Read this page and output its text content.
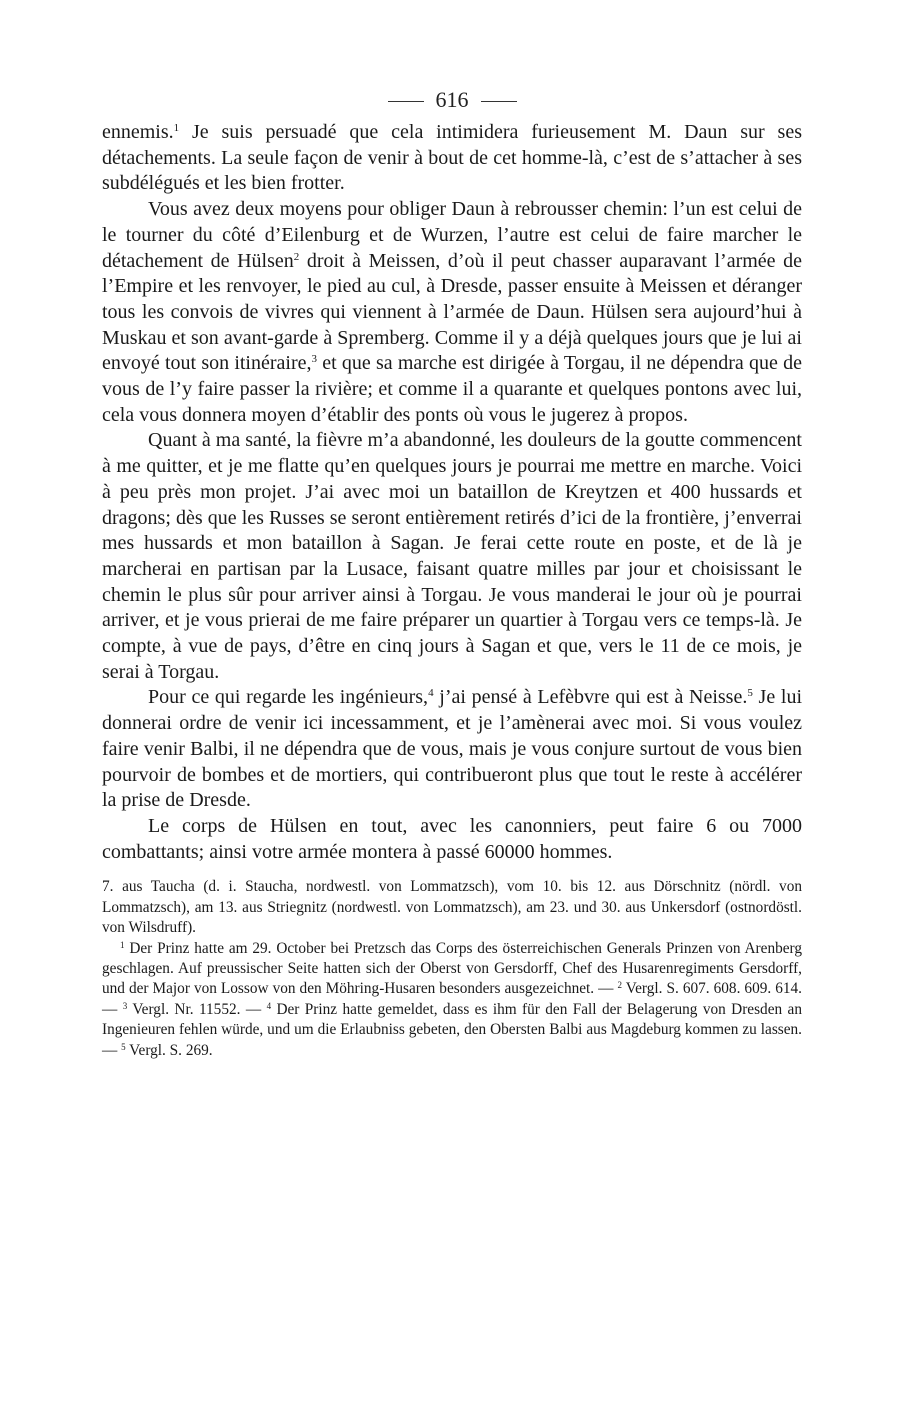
616

ennemis.$^1$ Je suis persuadé que cela intimidera furieusement M. Daun sur ses détachements. La seule façon de venir à bout de cet homme-là, c’est de s’attacher à ses subdélégués et les bien frotter.

Vous avez deux moyens pour obliger Daun à rebrousser chemin: l’un est celui de le tourner du côté d’Eilenburg et de Wurzen, l’autre est celui de faire marcher le détachement de Hülsen$^2$ droit à Meissen, d’où il peut chasser auparavant l’armée de l’Empire et les renvoyer, le pied au cul, à Dresde, passer ensuite à Meissen et déranger tous les convois de vivres qui viennent à l’armée de Daun. Hülsen sera aujourd’hui à Muskau et son avant-garde à Spremberg. Comme il y a déjà quelques jours que je lui ai envoyé tout son itinéraire,$^3$ et que sa marche est dirigée à Torgau, il ne dépendra que de vous de l’y faire passer la rivière; et comme il a quarante et quelques pontons avec lui, cela vous donnera moyen d’établir des ponts où vous le jugerez à propos.

Quant à ma santé, la fièvre m’a abandonné, les douleurs de la goutte commencent à me quitter, et je me flatte qu’en quelques jours je pourrai me mettre en marche. Voici à peu près mon projet. J’ai avec moi un bataillon de Kreytzen et 400 hussards et dragons; dès que les Russes se seront entièrement retirés d’ici de la frontière, j’enverrai mes hussards et mon bataillon à Sagan. Je ferai cette route en poste, et de là je marcherai en partisan par la Lusace, faisant quatre milles par jour et choisissant le chemin le plus sûr pour arriver ainsi à Torgau. Je vous manderai le jour où je pourrai arriver, et je vous prierai de me faire préparer un quartier à Torgau vers ce temps-là. Je compte, à vue de pays, d’être en cinq jours à Sagan et que, vers le 11 de ce mois, je serai à Torgau.

Pour ce qui regarde les ingénieurs,$^4$ j’ai pensé à Lefèbvre qui est à Neisse.$^5$ Je lui donnerai ordre de venir ici incessamment, et je l’amènerai avec moi. Si vous voulez faire venir Balbi, il ne dépendra que de vous, mais je vous conjure surtout de vous bien pourvoir de bombes et de mortiers, qui contribueront plus que tout le reste à accélérer la prise de Dresde.

Le corps de Hülsen en tout, avec les canonniers, peut faire 6 ou 7000 combattants; ainsi votre armée montera à passé 60000 hommes.

7. aus Taucha (d. i. Staucha, nordwestl. von Lommatzsch), vom 10. bis 12. aus Dörschnitz (nördl. von Lommatzsch), am 13. aus Striegnitz (nordwestl. von Lommatzsch), am 23. und 30. aus Unkersdorf (ostnordöstl. von Wilsdruff).

$^1$ Der Prinz hatte am 29. October bei Pretzsch das Corps des österreichischen Generals Prinzen von Arenberg geschlagen. Auf preussischer Seite hatten sich der Oberst von Gersdorff, Chef des Husarenregiments Gersdorff, und der Major von Lossow von den Möhring-Husaren besonders ausgezeichnet. — $^2$ Vergl. S. 607. 608. 609. 614. — $^3$ Vergl. Nr. 11552. — $^4$ Der Prinz hatte gemeldet, dass es ihm für den Fall der Belagerung von Dresden an Ingenieuren fehlen würde, und um die Erlaubniss gebeten, den Obersten Balbi aus Magdeburg kommen zu lassen. — $^5$ Vergl. S. 269.
